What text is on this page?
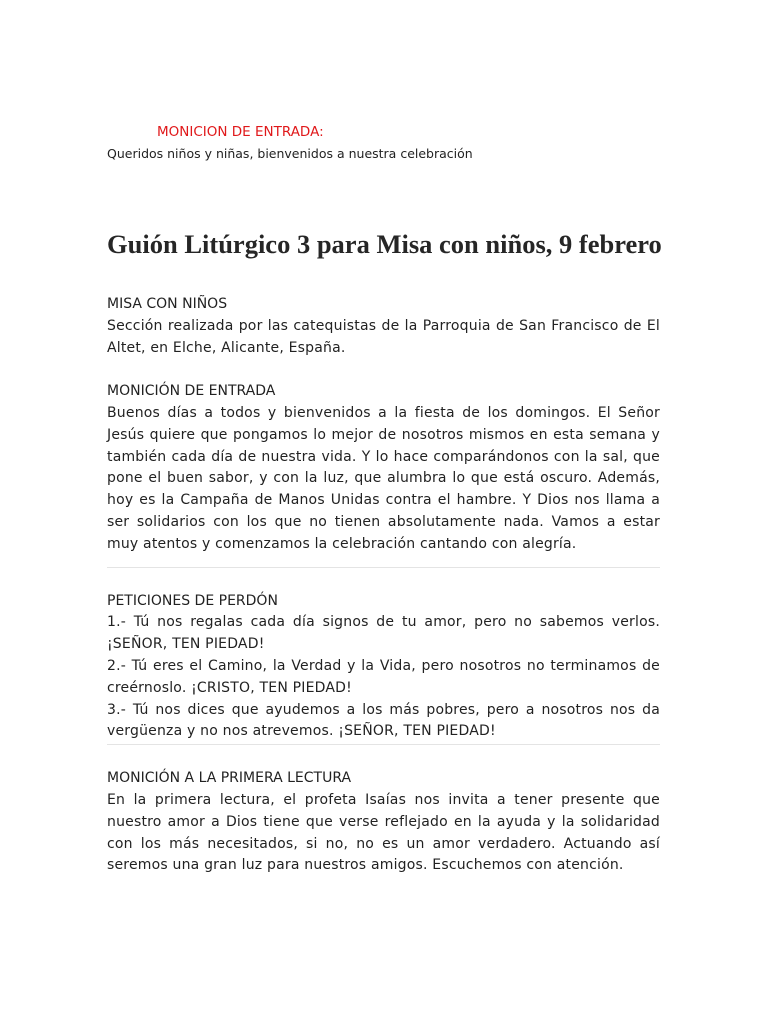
MONICION DE ENTRADA:

Queridos niños y niñas, bienvenidos a nuestra celebración

Guión Litúrgico 3 para Misa con niños, 9 febrero

MISA CON NIÑOS

Sección realizada por las catequistas de la Parroquia de San Francisco de El Altet, en Elche, Alicante, España.

MONICIÓN DE ENTRADA

Buenos días a todos y bienvenidos a la fiesta de los domingos. El Señor Jesús quiere que pongamos lo mejor de nosotros mismos en esta semana y también cada día de nuestra vida. Y lo hace comparándonos con la sal, que pone el buen sabor, y con la luz, que alumbra lo que está oscuro. Además, hoy es la Campaña de Manos Unidas contra el hambre. Y Dios nos llama a ser solidarios con los que no tienen absolutamente nada. Vamos a estar muy atentos y comenzamos la celebración cantando con alegría.

PETICIONES DE PERDÓN

1.- Tú nos regalas cada día signos de tu amor, pero no sabemos verlos. ¡SEÑOR, TEN PIEDAD!

2.- Tú eres el Camino, la Verdad y la Vida, pero nosotros no terminamos de creérnoslo. ¡CRISTO, TEN PIEDAD!

3.- Tú nos dices que ayudemos a los más pobres, pero a nosotros nos da vergüenza y no nos atrevemos. ¡SEÑOR, TEN PIEDAD!

MONICIÓN A LA PRIMERA LECTURA

En la primera lectura, el profeta Isaías nos invita a tener presente que nuestro amor a Dios tiene que verse reflejado en la ayuda y la solidaridad con los más necesitados, si no, no es un amor verdadero. Actuando así seremos una gran luz para nuestros amigos. Escuchemos con atención.
